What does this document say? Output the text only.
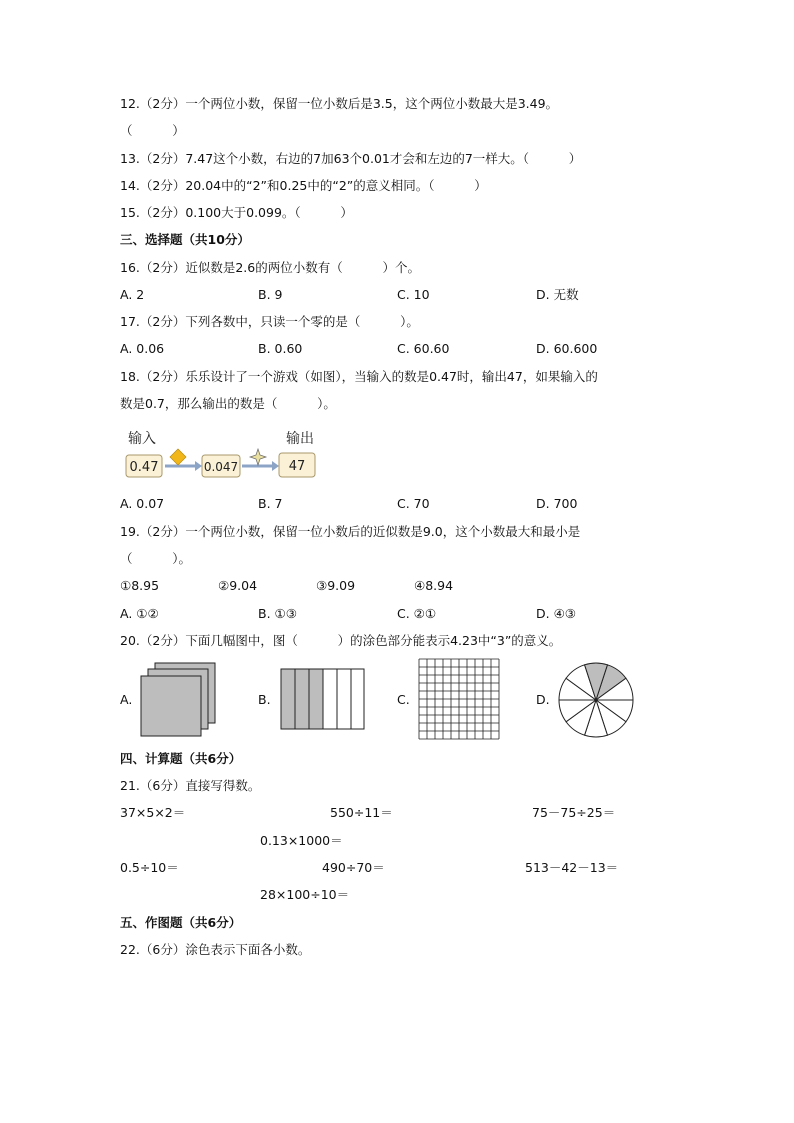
12.（2分）一个两位小数，保留一位小数后是3.5，这个两位小数最大是3.49。
（          ）
13.（2分）7.47这个小数，右边的7加63个0.01才会和左边的7一样大。（          ）
14.（2分）20.04中的“2”和0.25中的“2”的意义相同。（          ）
15.（2分）0.100大于0.099。（          ）
三、选择题（共10分）
16.（2分）近似数是2.6的两位小数有（          ）个。
A. 2	B. 9	C. 10	D. 无数
17.（2分）下列各数中，只读一个零的是（          ）。
A. 0.06	B. 0.60	C. 60.60	D. 60.600
18.（2分）乐乐设计了一个游戏（如图），当输入的数是0.47时，输出47，如果输入的
数是0.7，那么输出的数是（          ）。
输入	输出
0.47	0.047	47
A. 0.07	B. 7	C. 70	D. 700
19.（2分）一个两位小数，保留一位小数后的近似数是9.0，这个小数最大和最小是
（          ）。
①8.95	②9.04	③9.09	④8.94
A. ①②	B. ①③	C. ②①	D. ④③
20.（2分）下面几幅图中，图（          ）的涂色部分能表示4.23中“3”的意义。
A.	B.	C.	D.
四、计算题（共6分）
21.（6分）直接写得数。
37×5×2＝	550÷11＝	75－75÷25＝
0.13×1000＝
0.5÷10＝	490÷70＝	513－42－13＝
28×100÷10＝
五、作图题（共6分）
22.（6分）涂色表示下面各小数。
